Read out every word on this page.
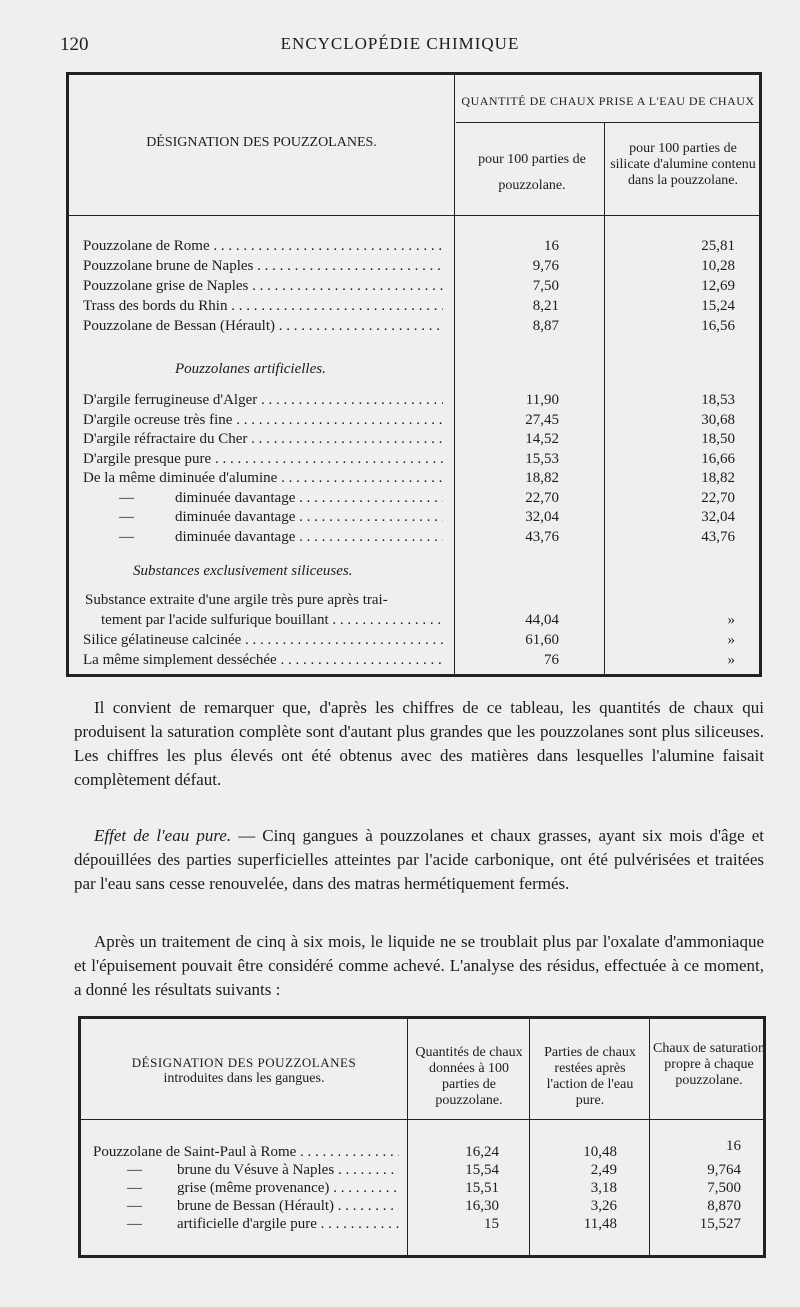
120	ENCYCLOPÉDIE CHIMIQUE
QUANTITÉ DE CHAUX PRISE A L'EAU DE CHAUX
DÉSIGNATION DES POUZZOLANES.
pour 100 parties de pouzzolane.
pour 100 parties de silicate d'alumine contenu dans la pouzzolane.
Pouzzolane de Rome . . .	16	25,81
Pouzzolane brune de Naples . . .	9,76	10,28
Pouzzolane grise de Naples . . .	7,50	12,69
Trass des bords du Rhin . . .	8,21	15,24
Pouzzolane de Bessan (Hérault) . . .	8,87	16,56
Pouzzolanes artificielles.
D'argile ferrugineuse d'Alger . . .	11,90	18,53
D'argile ocreuse très fine . . .	27,45	30,68
D'argile réfractaire du Cher . . .	14,52	18,50
D'argile presque pure . . .	15,53	16,66
De la même diminuée d'alumine . . .	18,82	18,82
—	diminuée davantage . . .	22,70	22,70
—	diminuée davantage . . .	32,04	32,04
—	diminuée davantage . . .	43,76	43,76
Substances exclusivement siliceuses.
Substance extraite d'une argile très pure après trai-
tement par l'acide sulfurique bouillant . . .	44,04	»
Silice gélatineuse calcinée . . .	61,60	»
La même simplement desséchée . . .	76	»
Il convient de remarquer que, d'après les chiffres de ce tableau, les quantités de chaux qui produisent la saturation complète sont d'autant plus grandes que les pouzzolanes sont plus siliceuses. Les chiffres les plus élevés ont été obtenus avec des matières dans lesquelles l'alumine faisait complètement défaut.
Effet de l'eau pure. — Cinq gangues à pouzzolanes et chaux grasses, ayant six mois d'âge et dépouillées des parties superficielles atteintes par l'acide carbonique, ont été pulvérisées et traitées par l'eau sans cesse renouvelée, dans des matras hermétiquement fermés.
Après un traitement de cinq à six mois, le liquide ne se troublait plus par l'oxalate d'ammoniaque et l'épuisement pouvait être considéré comme achevé. L'analyse des résidus, effectuée à ce moment, a donné les résultats suivants :
DÉSIGNATION DES POUZZOLANES
introduites dans les gangues.
Quantités de chaux données à 100 parties de pouzzolane.
Parties de chaux restées après l'action de l'eau pure.
Chaux de saturation propre à chaque pouzzolane.
Pouzzolane de Saint-Paul à Rome . . .	16,24	10,48	16
— brune du Vésuve à Naples . . .	15,54	2,49	9,764
— grise (même provenance) . . .	15,51	3,18	7,500
— brune de Bessan (Hérault) . . .	16,30	3,26	8,870
— artificielle d'argile pure . . .	15	11,48	15,527
